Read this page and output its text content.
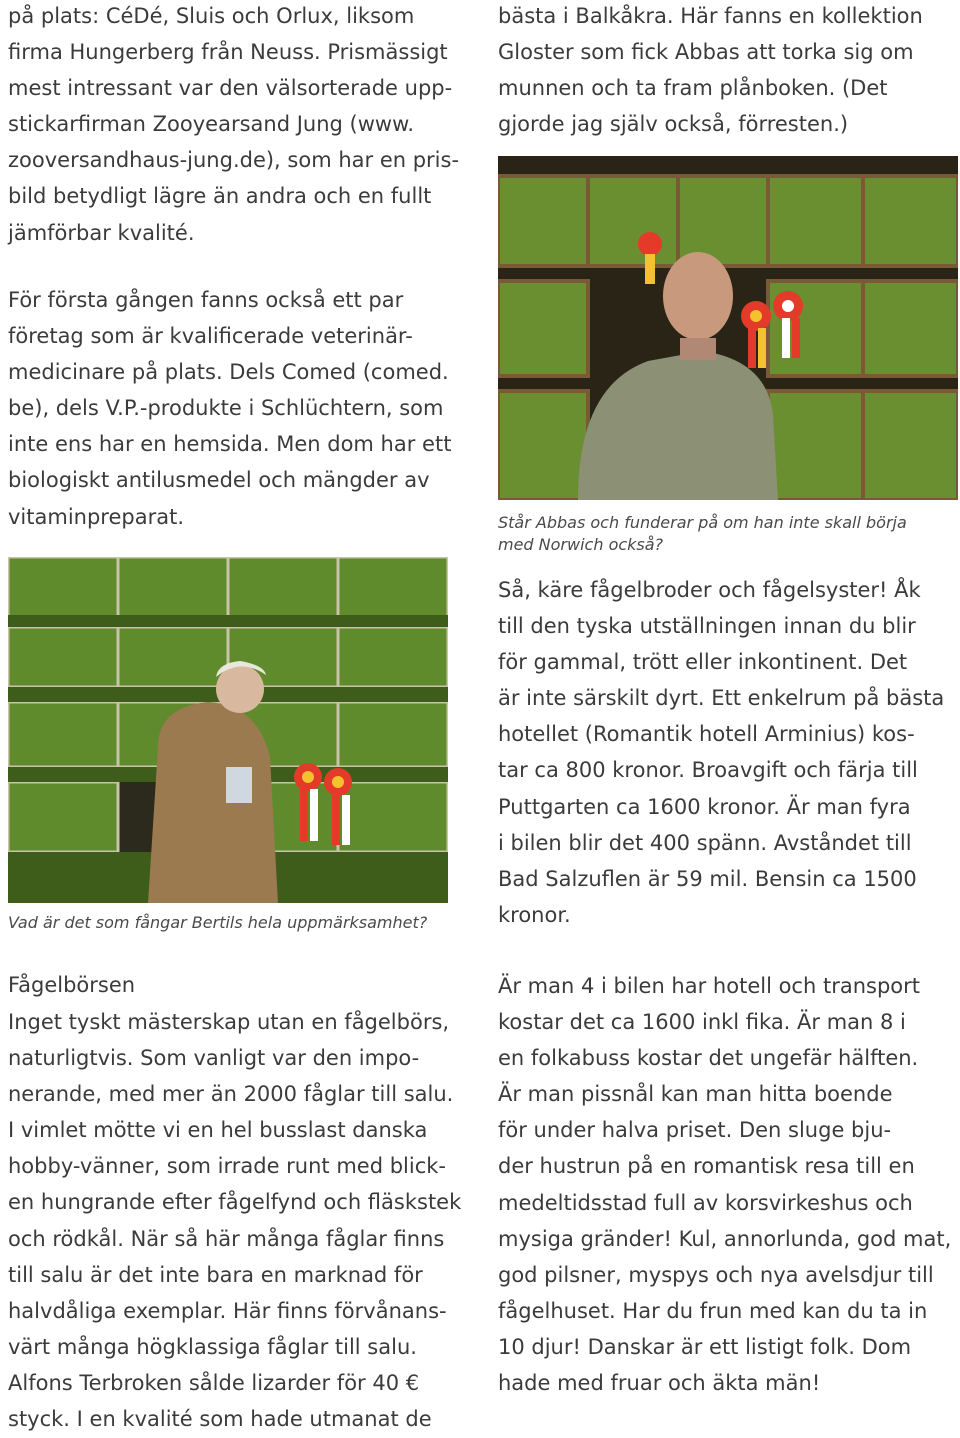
på plats: CéDé, Sluis och Orlux, liksom
firma Hungerberg från Neuss. Prismässigt
mest intressant var den välsorterade upp-
stickarfirman Zooyearsand Jung (www.
zooversandhaus-jung.de), som har en pris-
bild betydligt lägre än andra och en fullt
jämförbar kvalité.

För första gången fanns också ett par
företag som är kvalificerade veterinär-
medicinare på plats. Dels Comed (comed.
be), dels V.P.-produkte i Schlüchtern, som
inte ens har en hemsida. Men dom har ett
biologiskt antilusmedel och mängder av
vitaminpreparat.

Vad är det som fångar Bertils hela uppmärksamhet?

Fågelbörsen

Inget tyskt mästerskap utan en fågelbörs,
naturligtvis. Som vanligt var den impo-
nerande, med mer än 2000 fåglar till salu.
I vimlet mötte vi en hel busslast danska
hobby-vänner, som irrade runt med blick-
en hungrande efter fågelfynd och fläskstek
och rödkål. När så här många fåglar finns
till salu är det inte bara en marknad för
halvdåliga exemplar. Här finns förvånans-
värt många högklassiga fåglar till salu.
Alfons Terbroken sålde lizarder för 40 €
styck. I en kvalité som hade utmanat de

bästa i Balkåkra. Här fanns en kollektion
Gloster som fick Abbas att torka sig om
munnen och ta fram plånboken. (Det
gjorde jag själv också, förresten.)

Står Abbas och funderar på om han inte skall börja
med Norwich också?

Så, käre fågelbroder och fågelsyster! Åk
till den tyska utställningen innan du blir
för gammal, trött eller inkontinent. Det
är inte särskilt dyrt. Ett enkelrum på bästa
hotellet (Romantik hotell Arminius) kos-
tar ca 800 kronor. Broavgift och färja till
Puttgarten ca 1600 kronor. Är man fyra
i bilen blir det 400 spänn. Avståndet till
Bad Salzuflen är 59 mil. Bensin ca 1500
kronor.

Är man 4 i bilen har hotell och transport
kostar det ca 1600 inkl fika. Är man 8 i
en folkabuss kostar det ungefär hälften.
Är man pissnål kan man hitta boende
för under halva priset. Den sluge bju-
der hustrun på en romantisk resa till en
medeltidsstad full av korsvirkeshus och
mysiga gränder! Kul, annorlunda, god mat,
god pilsner, myspys och nya avelsdjur till
fågelhuset. Har du frun med kan du ta in
10 djur! Danskar är ett listigt folk. Dom
hade med fruar och äkta män!
